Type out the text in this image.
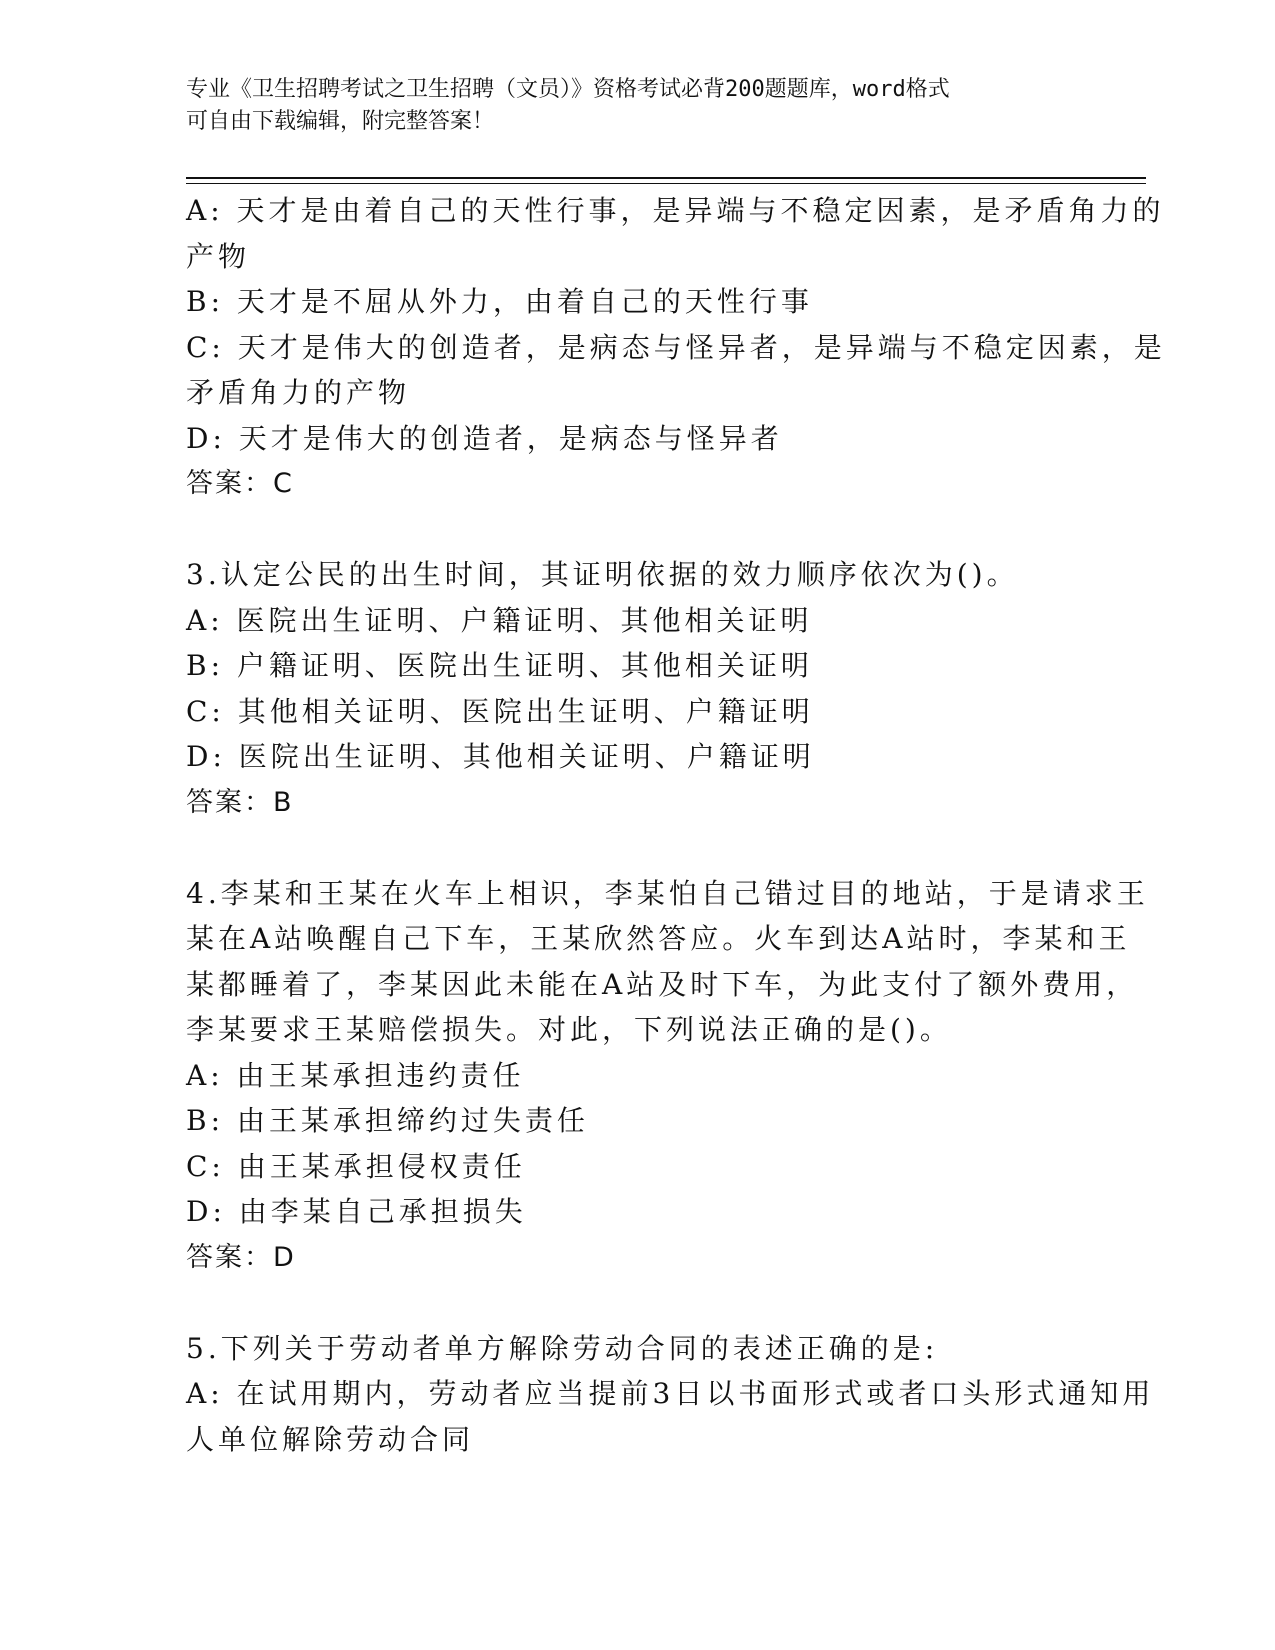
专业《卫生招聘考试之卫生招聘（文员）》资格考试必背200题题库，word格式
可自由下载编辑，附完整答案！
A: 天才是由着自己的天性行事，是异端与不稳定因素，是矛盾角力的
产物
B: 天才是不屈从外力，由着自己的天性行事
C: 天才是伟大的创造者，是病态与怪异者，是异端与不稳定因素，是
矛盾角力的产物
D: 天才是伟大的创造者，是病态与怪异者
答案：C
3.认定公民的出生时间，其证明依据的效力顺序依次为()。
A: 医院出生证明、户籍证明、其他相关证明
B: 户籍证明、医院出生证明、其他相关证明
C: 其他相关证明、医院出生证明、户籍证明
D: 医院出生证明、其他相关证明、户籍证明
答案：B
4.李某和王某在火车上相识，李某怕自己错过目的地站，于是请求王
某在A站唤醒自己下车，王某欣然答应。火车到达A站时，李某和王
某都睡着了，李某因此未能在A站及时下车，为此支付了额外费用，
李某要求王某赔偿损失。对此，下列说法正确的是()。
A: 由王某承担违约责任
B: 由王某承担缔约过失责任
C: 由王某承担侵权责任
D: 由李某自己承担损失
答案：D
5.下列关于劳动者单方解除劳动合同的表述正确的是:
A: 在试用期内，劳动者应当提前3日以书面形式或者口头形式通知用
人单位解除劳动合同
